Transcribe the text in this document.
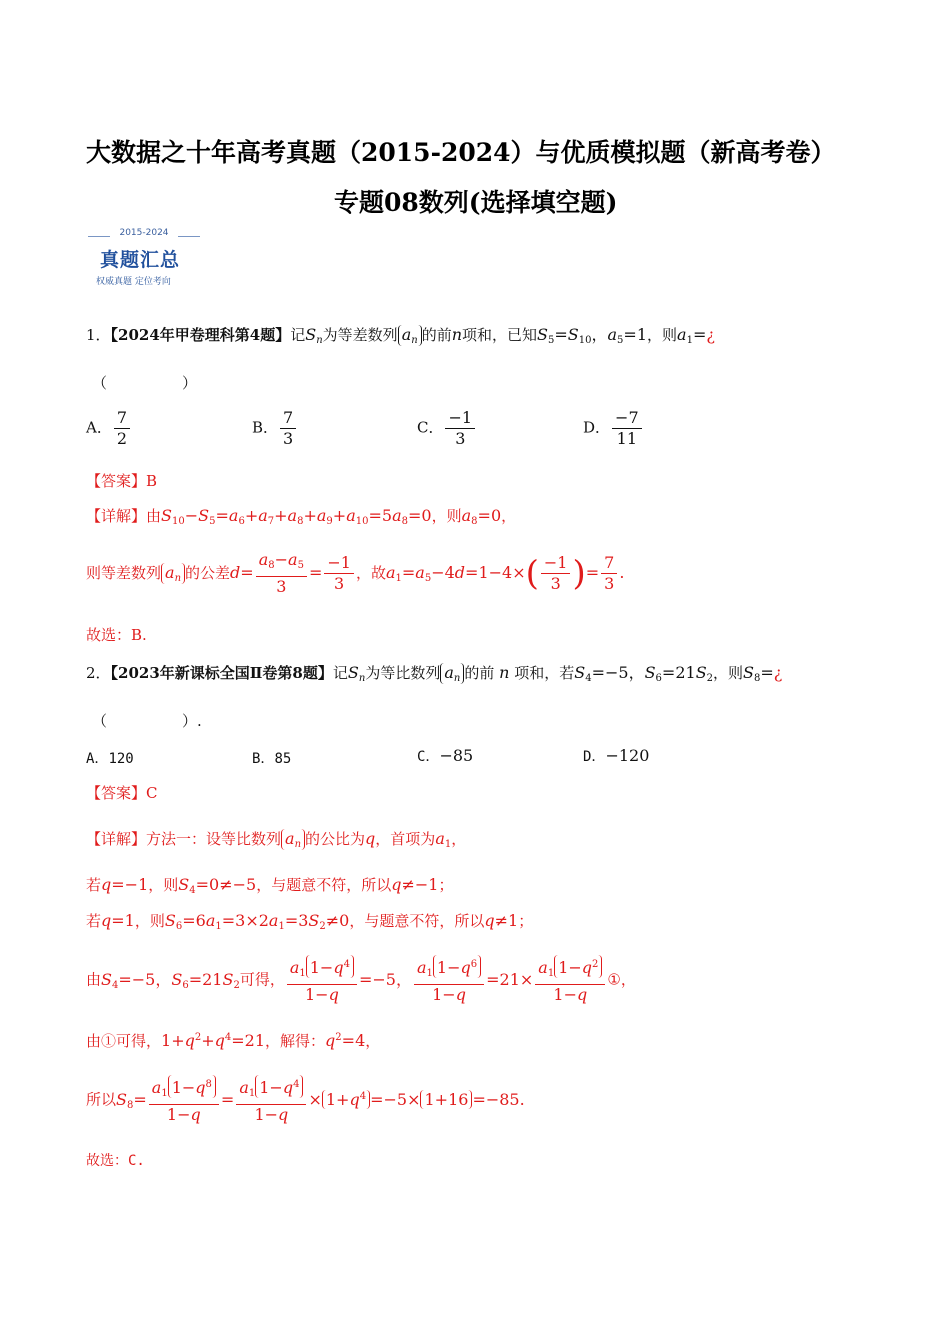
大数据之十年高考真题（2015-2024）与优质模拟题（新高考卷）
专题08数列(选择填空题)
2015-2024
真题汇总
权威真题 定位考向
1．【2024年甲卷理科第4题】记$S_n$为等差数列 $a_n$ 的前n项和，已知$S_5=S_{10}$，$a_5=1$，则$a_1=¿$
（　　　　　）
A． $\frac{7}{2}$	B． $\frac{7}{3}$	C． $\frac{-1}{3}$	D． $\frac{-7}{11}$
【答案】B
【详解】由$S_{10}-S_5=a_6+a_7+a_8+a_9+a_{10}=5a_8=0$，则$a_8=0$，
则等差数列 $a_n$ 的公差$d= \frac{a_8-a_5}{3} = \frac{-1}{3}$ ，故$a_1=a_5-4d=1-4\times( \frac{-1}{3}$ )= $\frac{7}{3}$ .
故选：B.
2．【2023年新课标全国Ⅱ卷第8题】记$S_n$为等比数列 $a_n$ 的前 n 项和，若$S_4=-5$，$S_6=21S_2$，则$S_8=¿$
（　　　　　）.
A．120	B．85	C．−85	D．−120
【答案】C
【详解】方法一：设等比数列 $a_n$ 的公比为q，首项为$a_1$，
若q=−1，则$S_4=0\ne-5$，与题意不符，所以q≠−1；
若q=1，则$S_6=6a_1=3\times 2a_1=3S_2\ne 0$，与题意不符，所以q≠1；
由$S_4=-5$，$S_6=21S_2$可得， $\frac{a_1 1-q^4}{1-q} =-5$， $\frac{a_1 1-q^6}{1-q} =21\times \frac{a_1 1-q^2}{1-q}$ ①，
由①可得，$1+q^2+q^4=21$，解得：$q^2=4$，
所以$S_8= \frac{a_1 1-q^8}{1-q} = \frac{a_1 1-q^4}{1-q} \times 1+q^4 =-5\times 1+16 =-85$.
故选：C.
